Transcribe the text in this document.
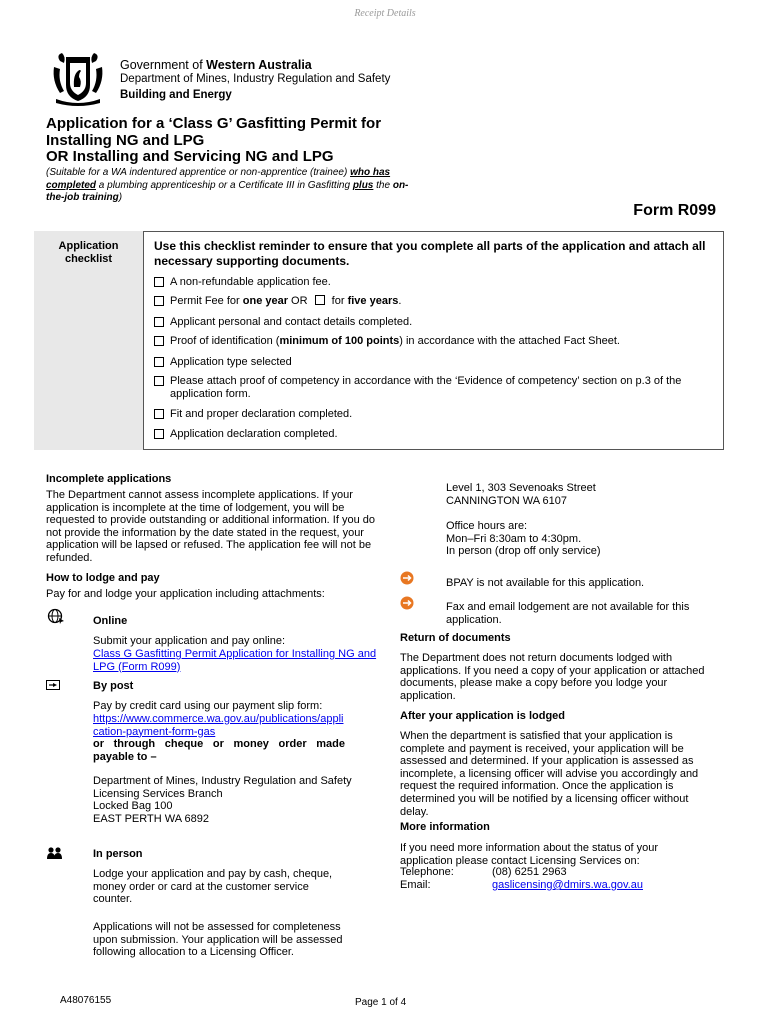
Receipt Details
Government of Western Australia
Department of Mines, Industry Regulation and Safety
Building and Energy
Application for a ‘Class G’ Gasfitting Permit for
Installing NG and LPG
OR Installing and Servicing NG and LPG
(Suitable for a WA indentured apprentice or non-apprentice (trainee) who has completed a plumbing apprenticeship or a Certificate III in Gasfitting plus the on-the-job training)
Form R099
Application
checklist
Use this checklist reminder to ensure that you complete all parts of the application and attach all necessary supporting documents.
A non-refundable application fee.
Permit Fee for one year OR  for five years.
Applicant personal and contact details completed.
Proof of identification (minimum of 100 points) in accordance with the attached Fact Sheet.
Application type selected
Please attach proof of competency in accordance with the ‘Evidence of competency’ section on p.3 of the application form.
Fit and proper declaration completed.
Application declaration completed.
Incomplete applications
The Department cannot assess incomplete applications. If your application is incomplete at the time of lodgement, you will be requested to provide outstanding or additional information. If you do not provide the information by the date stated in the request, your application will be lapsed or refused. The application fee will not be refunded.
How to lodge and pay
Pay for and lodge your application including attachments:
Online
Submit your application and pay online:
Class G Gasfitting Permit Application for Installing NG and LPG (Form R099)
By post
Pay by credit card using our payment slip form:
https://www.commerce.wa.gov.au/publications/application-payment-form-gas
or through cheque or money order made payable to –
Department of Mines, Industry Regulation and Safety
Licensing Services Branch
Locked Bag 100
EAST PERTH WA 6892
In person
Lodge your application and pay by cash, cheque, money order or card at the customer service counter.
Applications will not be assessed for completeness upon submission. Your application will be assessed following allocation to a Licensing Officer.
Level 1, 303 Sevenoaks Street
CANNINGTON WA 6107
Office hours are:
Mon–Fri 8:30am to 4:30pm.
In person (drop off only service)
BPAY is not available for this application.
Fax and email lodgement are not available for this application.
Return of documents
The Department does not return documents lodged with applications. If you need a copy of your application or attached documents, please make a copy before you lodge your application.
After your application is lodged
When the department is satisfied that your application is complete and payment is received, your application will be assessed and determined. If your application is assessed as incomplete, a licensing officer will advise you accordingly and request the required information. Once the application is determined you will be notified by a licensing officer without delay.
More information
If you need more information about the status of your application please contact Licensing Services on:
Telephone:	(08) 6251 2963
Email:	gaslicensing@dmirs.wa.gov.au
A48076155	Page 1 of 4
